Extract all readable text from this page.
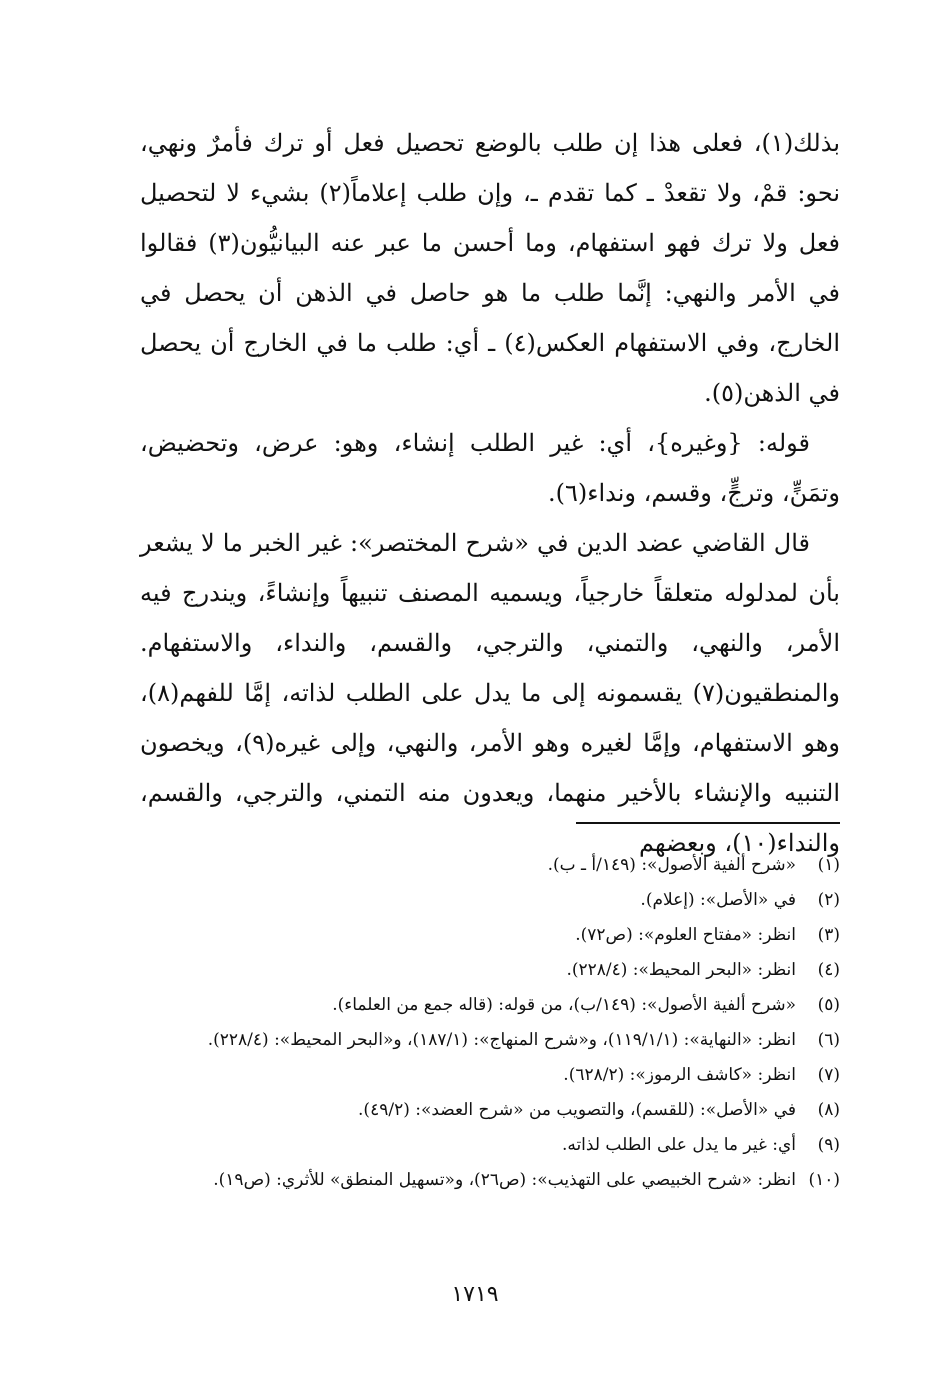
بذلك(١)، فعلى هذا إن طلب بالوضع تحصيل فعل أو ترك فأمرٌ ونهي، نحو: قمْ، ولا تقعدْ ـ كما تقدم ـ، وإن طلب إعلاماً(٢) بشيء لا لتحصيل فعل ولا ترك فهو استفهام، وما أحسن ما عبر عنه البيانيُّون(٣) فقالوا في الأمر والنهي: إنَّما طلب ما هو حاصل في الذهن أن يحصل في الخارج، وفي الاستفهام العكس(٤) ـ أي: طلب ما في الخارج أن يحصل في الذهن(٥).

قوله: {وغيره}، أي: غير الطلب إنشاء، وهو: عرض، وتحضيض، وتمَنٍّ، وترجٍّ، وقسم، ونداء(٦).

قال القاضي عضد الدين في «شرح المختصر»: غير الخبر ما لا يشعر بأن لمدلوله متعلقاً خارجياً، ويسميه المصنف تنبيهاً وإنشاءً، ويندرج فيه الأمر، والنهي، والتمني، والترجي، والقسم، والنداء، والاستفهام. والمنطقيون(٧) يقسمونه إلى ما يدل على الطلب لذاته، إمَّا للفهم(٨)، وهو الاستفهام، وإمَّا لغيره وهو الأمر، والنهي، وإلى غيره(٩)، ويخصون التنبيه والإنشاء بالأخير منهما، ويعدون منه التمني، والترجي، والقسم، والنداء(١٠)، وبعضهم

(١)«شرح ألفية الأصول»: (١٤٩/أ ـ ب).
(٢)في «الأصل»: (إعلام).
(٣)انظر: «مفتاح العلوم»: (ص٧٢).
(٤)انظر: «البحر المحيط»: (٢٢٨/٤).
(٥)«شرح ألفية الأصول»: (١٤٩/ب)، من قوله: (قاله جمع من العلماء).
(٦)انظر: «النهاية»: (١١٩/١/١)، و«شرح المنهاج»: (١٨٧/١)، و«البحر المحيط»: (٢٢٨/٤).
(٧)انظر: «كاشف الرموز»: (٦٢٨/٢).
(٨)في «الأصل»: (للقسم)، والتصويب من «شرح العضد»: (٤٩/٢).
(٩)أي: غير ما يدل على الطلب لذاته.
(١٠)انظر: «شرح الخبيصي على التهذيب»: (ص٢٦)، و«تسهيل المنطق» للأثري: (ص١٩).
١٧١٩
